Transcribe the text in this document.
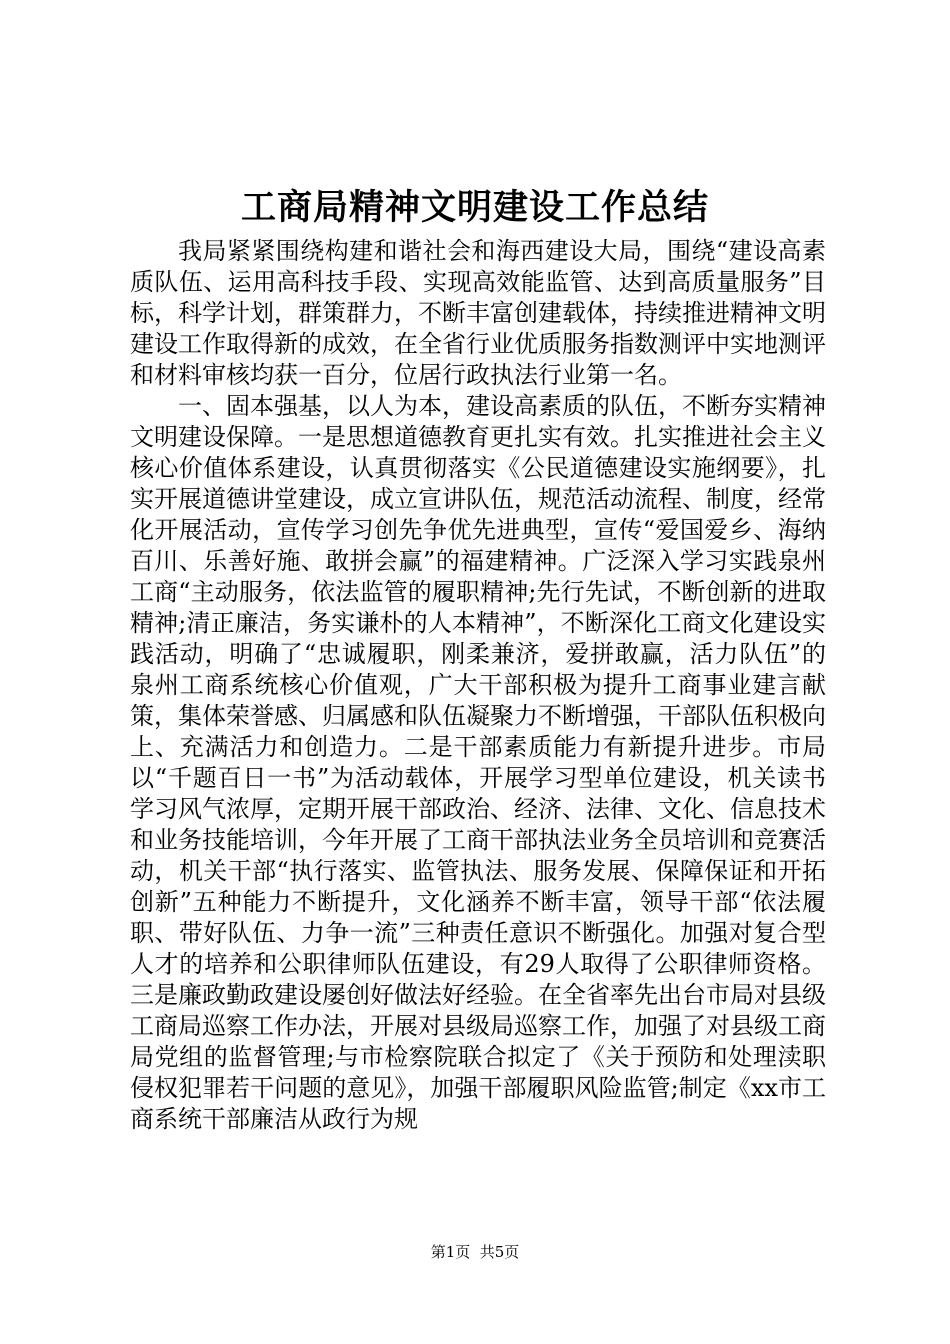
工商局精神文明建设工作总结

我局紧紧围绕构建和谐社会和海西建设大局，围绕“建设高素质队伍、运用高科技手段、实现高效能监管、达到高质量服务”目标，科学计划，群策群力，不断丰富创建载体，持续推进精神文明建设工作取得新的成效，在全省行业优质服务指数测评中实地测评和材料审核均获一百分，位居行政执法行业第一名。

一、固本强基，以人为本，建设高素质的队伍，不断夯实精神文明建设保障。一是思想道德教育更扎实有效。扎实推进社会主义核心价值体系建设，认真贯彻落实《公民道德建设实施纲要》，扎实开展道德讲堂建设，成立宣讲队伍，规范活动流程、制度，经常化开展活动，宣传学习创先争优先进典型，宣传“爱国爱乡、海纳百川、乐善好施、敢拼会赢”的福建精神。广泛深入学习实践泉州工商“主动服务，依法监管的履职精神;先行先试，不断创新的进取精神;清正廉洁，务实谦朴的人本精神”，不断深化工商文化建设实践活动，明确了“忠诚履职，刚柔兼济，爱拼敢赢，活力队伍”的泉州工商系统核心价值观，广大干部积极为提升工商事业建言献策，集体荣誉感、归属感和队伍凝聚力不断增强，干部队伍积极向上、充满活力和创造力。二是干部素质能力有新提升进步。市局以“千题百日一书”为活动载体，开展学习型单位建设，机关读书学习风气浓厚，定期开展干部政治、经济、法律、文化、信息技术和业务技能培训，今年开展了工商干部执法业务全员培训和竞赛活动，机关干部“执行落实、监管执法、服务发展、保障保证和开拓创新”五种能力不断提升，文化涵养不断丰富，领导干部“依法履职、带好队伍、力争一流”三种责任意识不断强化。加强对复合型人才的培养和公职律师队伍建设，有29人取得了公职律师资格。三是廉政勤政建设屡创好做法好经验。在全省率先出台市局对县级工商局巡察工作办法，开展对县级局巡察工作，加强了对县级工商局党组的监督管理;与市检察院联合拟定了《关于预防和处理渎职侵权犯罪若干问题的意见》，加强干部履职风险监管;制定《xx市工商系统干部廉洁从政行为规

第1页  共5页
